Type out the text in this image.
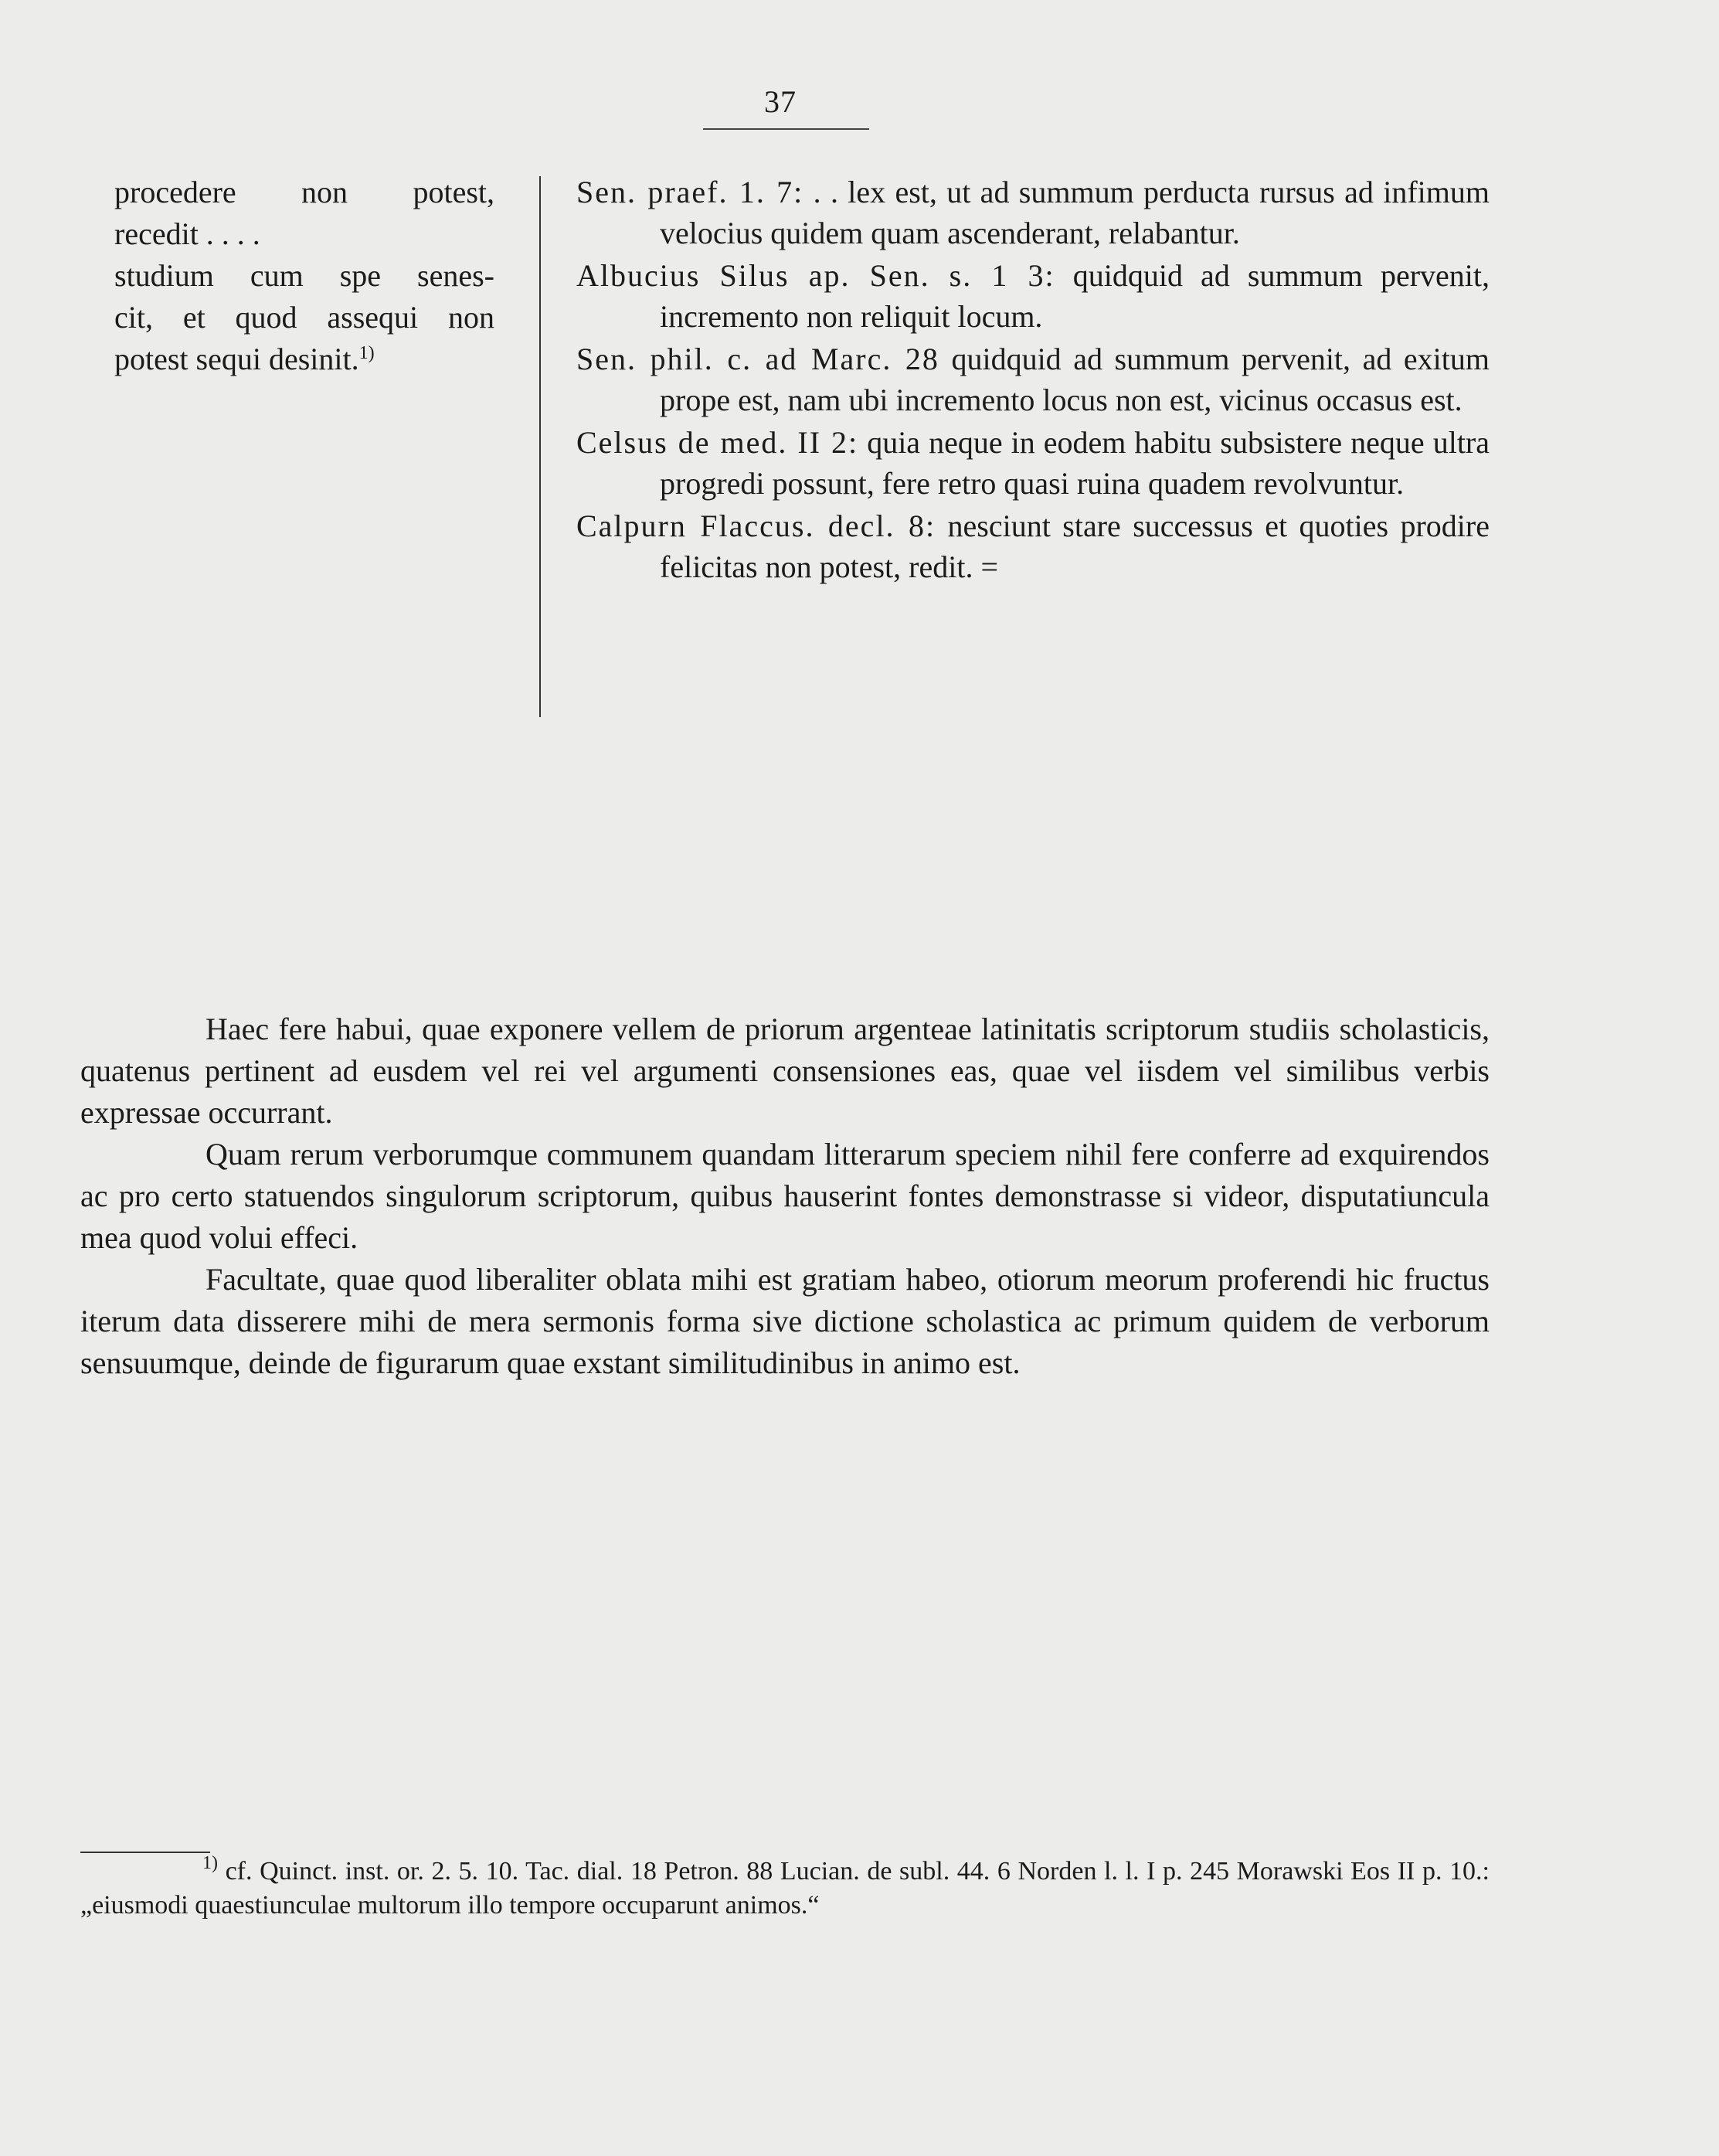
37
procedere non potest,
recedit . . . .
studium cum spe senes-
cit, et quod assequi non
potest sequi desinit.$^{1)}$
Sen. praef. 1. 7: . . lex est, ut ad summum perducta rursus ad infimum velocius quidem quam ascenderant, relabantur.
Albucius Silus ap. Sen. s. 1 3: quidquid ad summum pervenit, incremento non reliquit locum.
Sen. phil. c. ad Marc. 28 quidquid ad summum pervenit, ad exitum prope est, nam ubi incremento locus non est, vicinus occasus est.
Celsus de med. II 2: quia neque in eodem habitu subsistere neque ultra progredi possunt, fere retro quasi ruina quadem revolvuntur.
Calpurn Flaccus. decl. 8: nesciunt stare successus et quoties prodire felicitas non potest, redit. =

Haec fere habui, quae exponere vellem de priorum argenteae latinitatis scriptorum studiis scholasticis, quatenus pertinent ad eusdem vel rei vel argumenti consensiones eas, quae vel iisdem vel similibus verbis expressae occurrant.

Quam rerum verborumque communem quandam litterarum speciem nihil fere conferre ad exquirendos ac pro certo statuendos singulorum scriptorum, quibus hauserint fontes demonstrasse si videor, disputatiuncula mea quod volui effeci.

Facultate, quae quod liberaliter oblata mihi est gratiam habeo, otiorum meorum proferendi hic fructus iterum data disserere mihi de mera sermonis forma sive dictione scholastica ac primum quidem de verborum sensuumque, deinde de figurarum quae exstant similitudinibus in animo est.

$^{1)}$ cf. Quinct. inst. or. 2. 5. 10. Tac. dial. 18 Petron. 88 Lucian. de subl. 44. 6 Norden l. l. I p. 245 Morawski Eos II p. 10.: „eiusmodi quaestiunculae multorum illo tempore occuparunt animos.“
